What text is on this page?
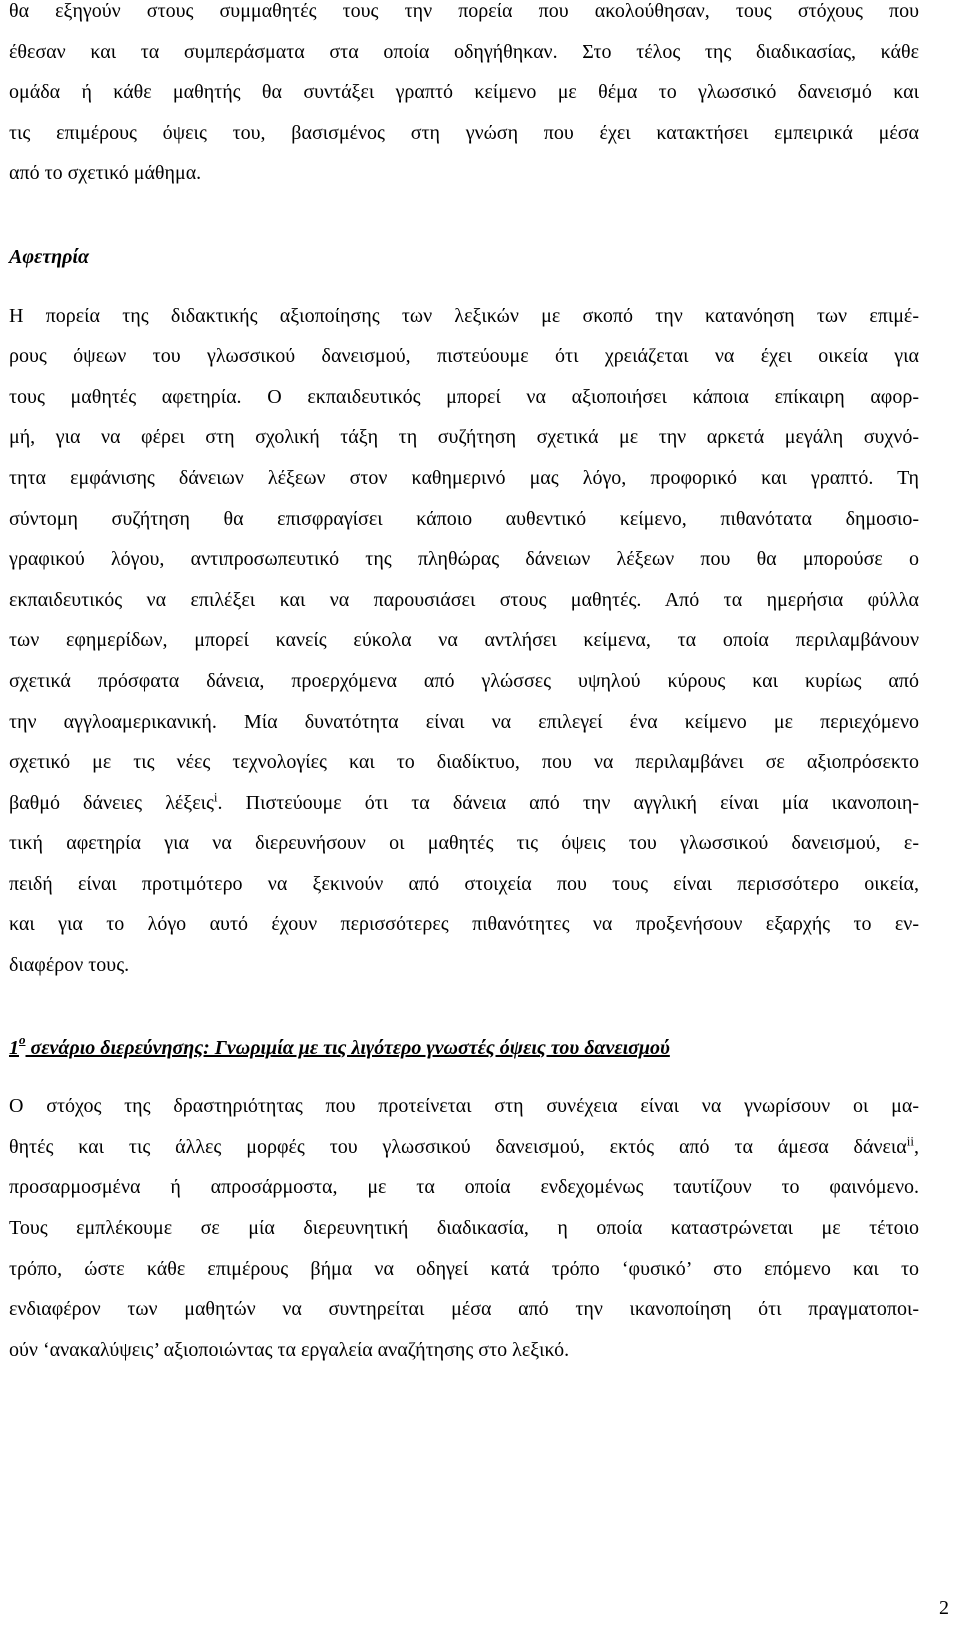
θα εξηγούν στους συμμαθητές τους την πορεία που ακολούθησαν, τους στόχους που
έθεσαν και τα συμπεράσματα στα οποία οδηγήθηκαν. Στο τέλος της διαδικασίας, κάθε
ομάδα ή κάθε μαθητής θα συντάξει γραπτό κείμενο με θέμα το γλωσσικό δανεισμό και
τις επιμέρους όψεις του, βασισμένος στη γνώση που έχει κατακτήσει εμπειρικά μέσα
από το σχετικό μάθημα.
Αφετηρία
Η πορεία της διδακτικής αξιοποίησης των λεξικών με σκοπό την κατανόηση των επιμέ-
ρους όψεων του γλωσσικού δανεισμού, πιστεύουμε ότι χρειάζεται να έχει οικεία για
τους μαθητές αφετηρία. Ο εκπαιδευτικός μπορεί να αξιοποιήσει κάποια επίκαιρη αφορ-
μή, για να φέρει στη σχολική τάξη τη συζήτηση σχετικά με την αρκετά μεγάλη συχνό-
τητα εμφάνισης δάνειων λέξεων στον καθημερινό μας λόγο, προφορικό και γραπτό. Τη
σύντομη συζήτηση θα επισφραγίσει κάποιο αυθεντικό κείμενο, πιθανότατα δημοσιο-
γραφικού λόγου, αντιπροσωπευτικό της πληθώρας δάνειων λέξεων που θα μπορούσε ο
εκπαιδευτικός να επιλέξει και να παρουσιάσει στους μαθητές. Από τα ημερήσια φύλλα
των εφημερίδων, μπορεί κανείς εύκολα να αντλήσει κείμενα, τα οποία περιλαμβάνουν
σχετικά πρόσφατα δάνεια, προερχόμενα από γλώσσες υψηλού κύρους και κυρίως από
την αγγλοαμερικανική. Μία δυνατότητα είναι να επιλεγεί ένα κείμενο με περιεχόμενο
σχετικό με τις νέες τεχνολογίες και το διαδίκτυο, που να περιλαμβάνει σε αξιοπρόσεκτο
βαθμό δάνειες λέξεις$^i$. Πιστεύουμε ότι τα δάνεια από την αγγλική είναι μία ικανοποιη-
τική αφετηρία για να διερευνήσουν οι μαθητές τις όψεις του γλωσσικού δανεισμού, ε-
πειδή είναι προτιμότερο να ξεκινούν από στοιχεία που τους είναι περισσότερο οικεία,
και για το λόγο αυτό έχουν περισσότερες πιθανότητες να προξενήσουν εξαρχής το εν-
διαφέρον τους.
$1^o$ σενάριο διερεύνησης: Γνωριμία με τις λιγότερο γνωστές όψεις του δανεισμού
Ο στόχος της δραστηριότητας που προτείνεται στη συνέχεια είναι να γνωρίσουν οι μα-
θητές και τις άλλες μορφές του γλωσσικού δανεισμού, εκτός από τα άμεσα δάνεια$^{ii}$,
προσαρμοσμένα ή απροσάρμοστα, με τα οποία ενδεχομένως ταυτίζουν το φαινόμενο.
Τους εμπλέκουμε σε μία διερευνητική διαδικασία, η οποία καταστρώνεται με τέτοιο
τρόπο, ώστε κάθε επιμέρους βήμα να οδηγεί κατά τρόπο ‘φυσικό’ στο επόμενο και το
ενδιαφέρον των μαθητών να συντηρείται μέσα από την ικανοποίηση ότι πραγματοποι-
ούν ‘ανακαλύψεις’ αξιοποιώντας τα εργαλεία αναζήτησης στο λεξικό.
2
